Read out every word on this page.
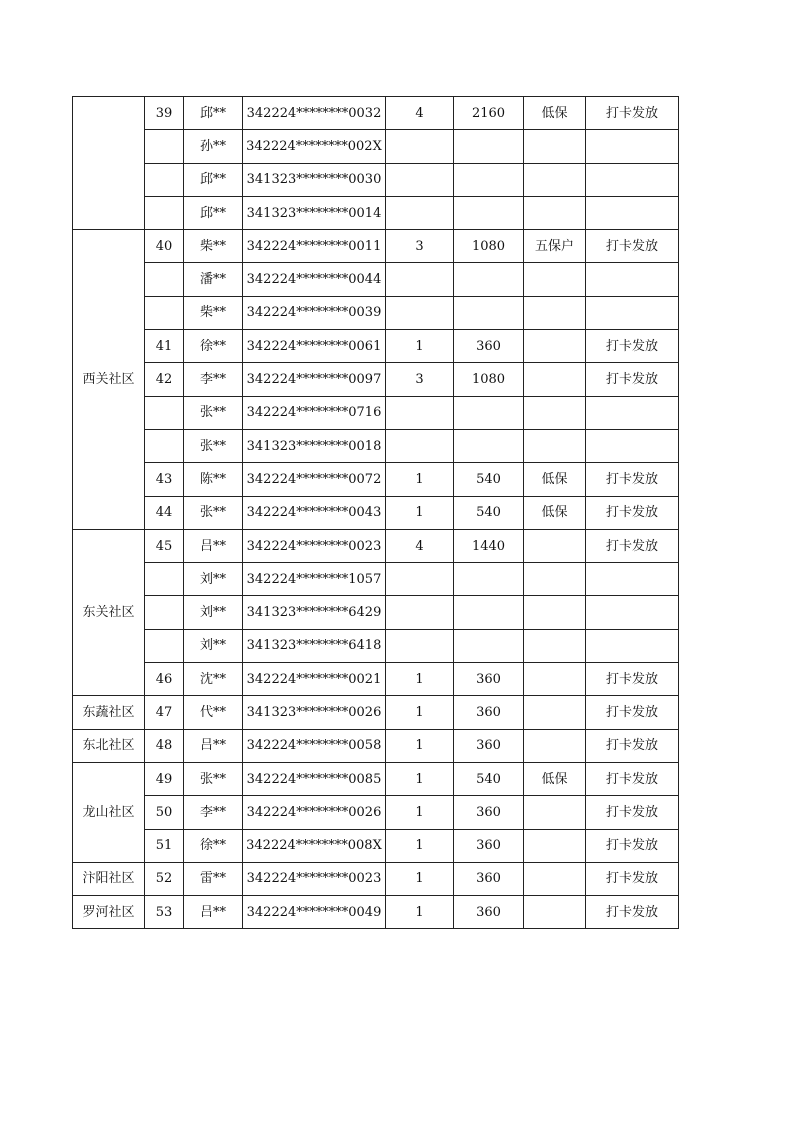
	39	邱**	342224********0032	4	2160	低保	打卡发放
		孙**	342224********002X				
		邱**	341323********0030				
		邱**	341323********0014				
西关社区	40	柴**	342224********0011	3	1080	五保户	打卡发放
		潘**	342224********0044				
		柴**	342224********0039				
	41	徐**	342224********0061	1	360		打卡发放
	42	李**	342224********0097	3	1080		打卡发放
		张**	342224********0716				
		张**	341323********0018				
	43	陈**	342224********0072	1	540	低保	打卡发放
	44	张**	342224********0043	1	540	低保	打卡发放
东关社区	45	吕**	342224********0023	4	1440		打卡发放
		刘**	342224********1057				
		刘**	341323********6429				
		刘**	341323********6418				
	46	沈**	342224********0021	1	360		打卡发放
东蔬社区	47	代**	341323********0026	1	360		打卡发放
东北社区	48	吕**	342224********0058	1	360		打卡发放
龙山社区	49	张**	342224********0085	1	540	低保	打卡发放
	50	李**	342224********0026	1	360		打卡发放
	51	徐**	342224********008X	1	360		打卡发放
汴阳社区	52	雷**	342224********0023	1	360		打卡发放
罗河社区	53	吕**	342224********0049	1	360		打卡发放
